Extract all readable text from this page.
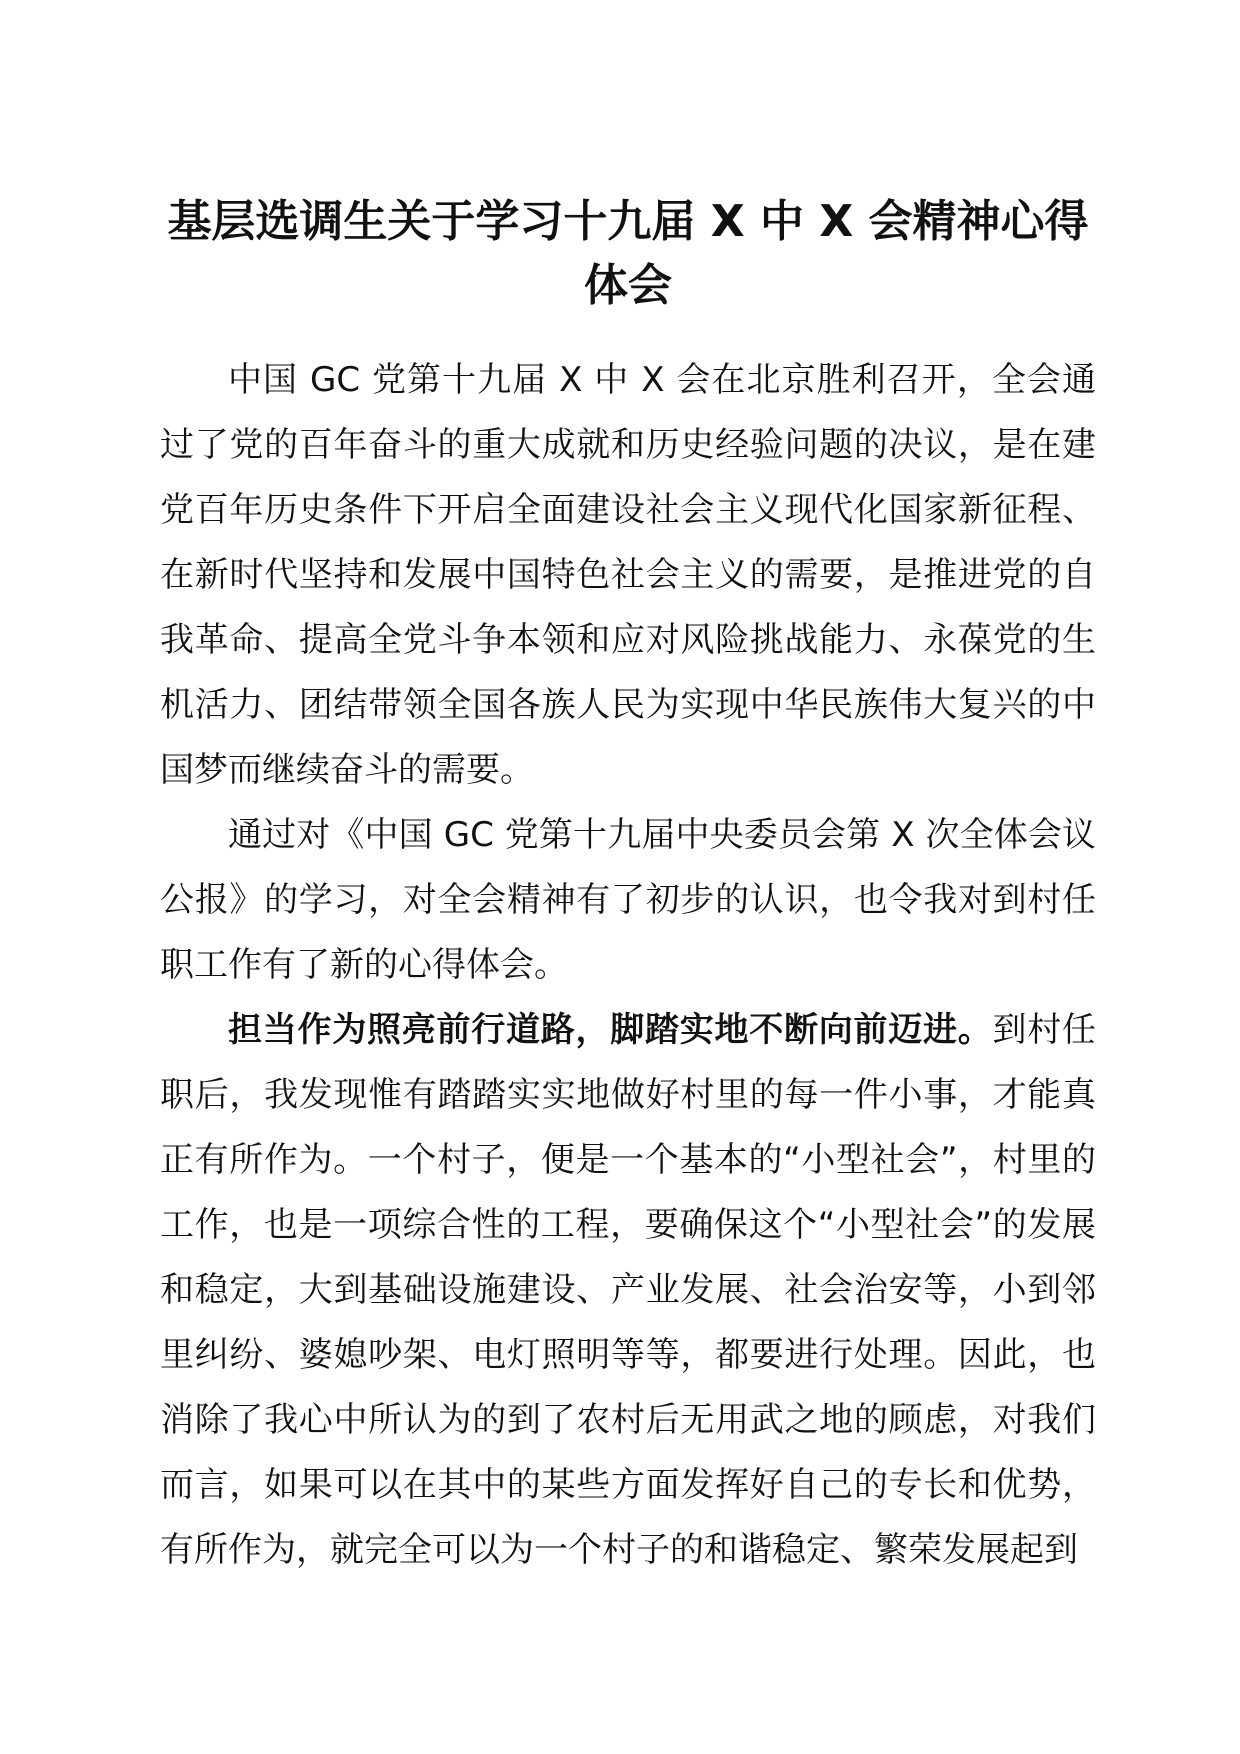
基层选调生关于学习十九届 X 中 X 会精神心得
体会

中国 GC 党第十九届 X 中 X 会在北京胜利召开，全会通过了党的百年奋斗的重大成就和历史经验问题的决议，是在建党百年历史条件下开启全面建设社会主义现代化国家新征程、在新时代坚持和发展中国特色社会主义的需要，是推进党的自我革命、提高全党斗争本领和应对风险挑战能力、永葆党的生机活力、团结带领全国各族人民为实现中华民族伟大复兴的中国梦而继续奋斗的需要。

通过对《中国 GC 党第十九届中央委员会第 X 次全体会议公报》的学习，对全会精神有了初步的认识，也令我对到村任职工作有了新的心得体会。

担当作为照亮前行道路，脚踏实地不断向前迈进。到村任职后，我发现惟有踏踏实实地做好村里的每一件小事，才能真正有所作为。一个村子，便是一个基本的“小型社会”，村里的工作，也是一项综合性的工程，要确保这个“小型社会”的发展和稳定，大到基础设施建设、产业发展、社会治安等，小到邻里纠纷、婆媳吵架、电灯照明等等，都要进行处理。因此，也消除了我心中所认为的到了农村后无用武之地的顾虑，对我们而言，如果可以在其中的某些方面发挥好自己的专长和优势，有所作为，就完全可以为一个村子的和谐稳定、繁荣发展起到
